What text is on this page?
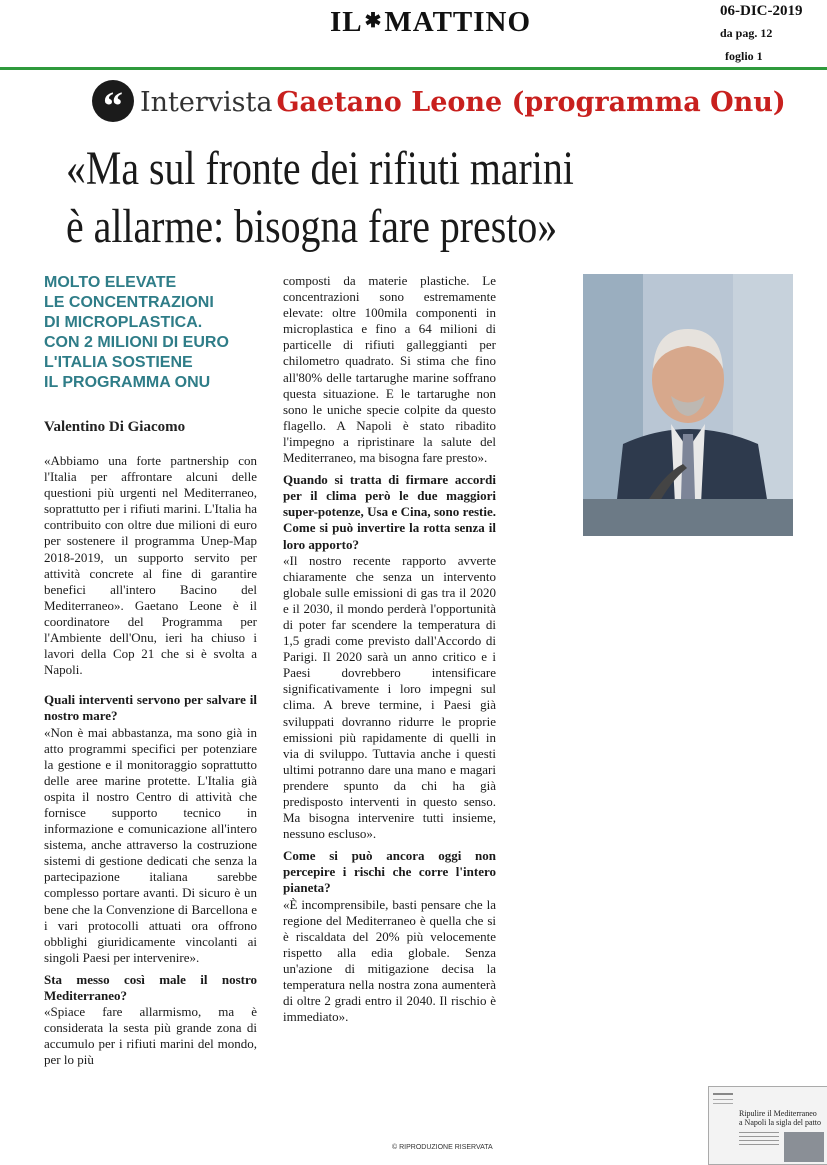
IL ✱MATTINO	06-DIC-2019
da pag. 12
foglio 1
“ Intervista Gaetano Leone (programma Onu)
«Ma sul fronte dei rifiuti marini
è allarme: bisogna fare presto»
MOLTO ELEVATE
LE CONCENTRAZIONI
DI MICROPLASTICA.
CON 2 MILIONI DI EURO
L'ITALIA SOSTIENE
IL PROGRAMMA ONU
Valentino Di Giacomo

«Abbiamo una forte partnership con l'Italia per affrontare alcuni delle questioni più urgenti nel Mediterraneo, soprattutto per i rifiuti marini. L'Italia ha contribuito con oltre due milioni di euro per sostenere il programma Unep-Map 2018-2019, un supporto servito per attività concrete al fine di garantire benefici all'intero Bacino del Mediterraneo». Gaetano Leone è il coordinatore del Programma per l'Ambiente dell'Onu, ieri ha chiuso i lavori della Cop 21 che si è svolta a Napoli.

Quali interventi servono per salvare il nostro mare?

«Non è mai abbastanza, ma sono già in atto programmi specifici per potenziare la gestione e il monitoraggio soprattutto delle aree marine protette. L'Italia già ospita il nostro Centro di attività che fornisce supporto tecnico in informazione e comunicazione all'intero sistema, anche attraverso la costruzione sistemi di gestione dedicati che senza la partecipazione italiana sarebbe complesso portare avanti. Di sicuro è un bene che la Convenzione di Barcellona e i vari protocolli attuati ora offrono obblighi giuridicamente vincolanti ai singoli Paesi per intervenire».

Sta messo così male il nostro Mediterraneo?

«Spiace fare allarmismo, ma è considerata la sesta più grande zona di accumulo per i rifiuti marini del mondo, per lo più

composti da materie plastiche. Le concentrazioni sono estremamente elevate: oltre 100mila componenti in microplastica e fino a 64 milioni di particelle di rifiuti galleggianti per chilometro quadrato. Si stima che fino all'80% delle tartarughe marine soffrano questa situazione. E le tartarughe non sono le uniche specie colpite da questo flagello. A Napoli è stato ribadito l'impegno a ripristinare la salute del Mediterraneo, ma bisogna fare presto».

Quando si tratta di firmare accordi per il clima però le due maggiori super-potenze, Usa e Cina, sono restie. Come si può invertire la rotta senza il loro apporto?

«Il nostro recente rapporto avverte chiaramente che senza un intervento globale sulle emissioni di gas tra il 2020 e il 2030, il mondo perderà l'opportunità di poter far scendere la temperatura di 1,5 gradi come previsto dall'Accordo di Parigi. Il 2020 sarà un anno critico e i Paesi dovrebbero intensificare significativamente i loro impegni sul clima. A breve termine, i Paesi già sviluppati dovranno ridurre le proprie emissioni più rapidamente di quelli in via di sviluppo. Tuttavia anche i questi ultimi potranno dare una mano e magari prendere spunto da chi ha già predisposto interventi in questo senso. Ma bisogna intervenire tutti insieme, nessuno escluso».

Come si può ancora oggi non percepire i rischi che corre l'intero pianeta?

«È incomprensibile, basti pensare che la regione del Mediterraneo è quella che si è riscaldata del 20% più velocemente rispetto alla edia globale. Senza un'azione di mitigazione decisa la temperatura nella nostra zona aumenterà di oltre 2 gradi entro il 2040. Il rischio è immediato».

© RIPRODUZIONE RISERVATA
Ripulire il Mediterraneo
a Napoli la sigla del patto
